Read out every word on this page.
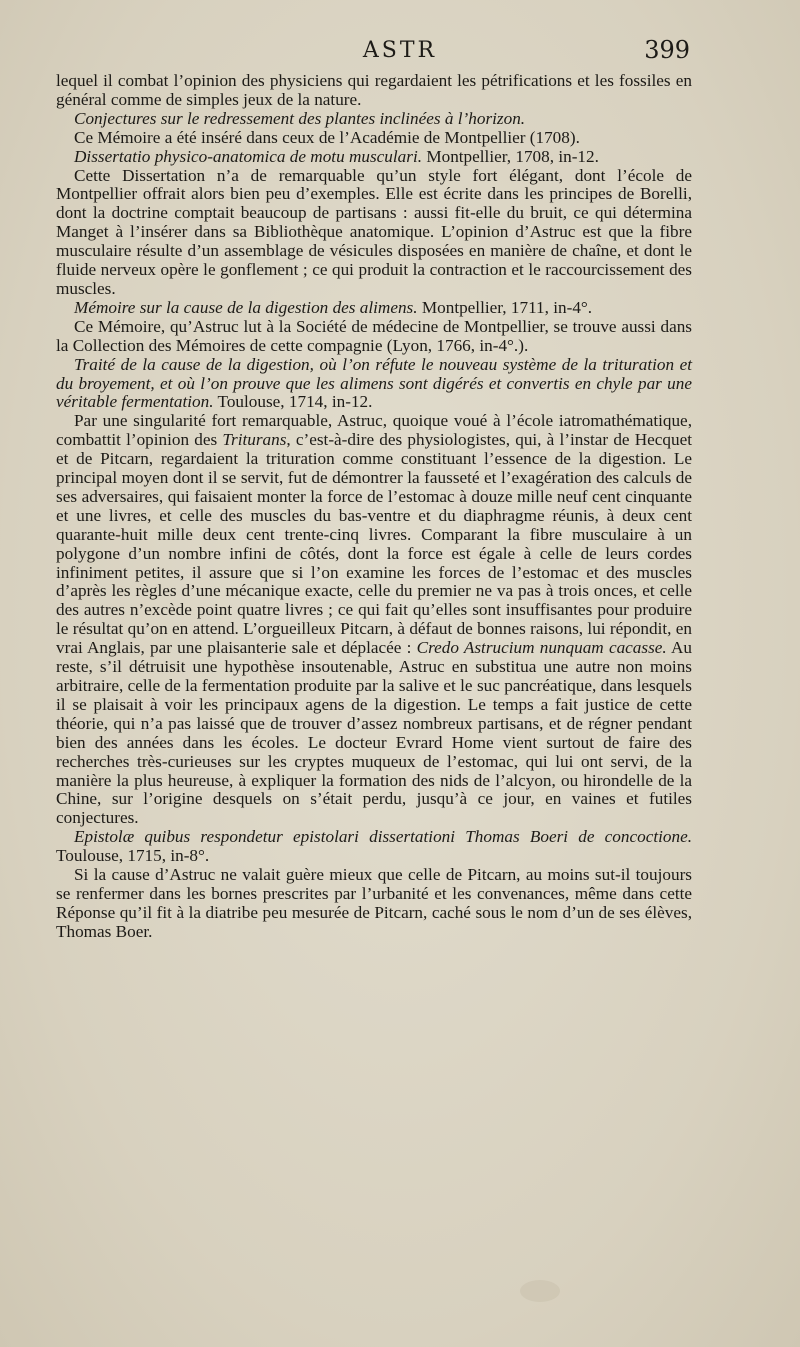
ASTR	399

lequel il combat l’opinion des physiciens qui regardaient les pétrifications et les fossiles en général comme de simples jeux de la nature.

Conjectures sur le redressement des plantes inclinées à l’horizon.

Ce Mémoire a été inséré dans ceux de l’Académie de Montpellier (1708).

Dissertatio physico-anatomica de motu musculari. Montpellier, 1708, in-12.

Cette Dissertation n’a de remarquable qu’un style fort élégant, dont l’école de Montpellier offrait alors bien peu d’exemples. Elle est écrite dans les principes de Borelli, dont la doctrine comptait beaucoup de partisans : aussi fit-elle du bruit, ce qui détermina Manget à l’insérer dans sa Bibliothèque anatomique. L’opinion d’Astruc est que la fibre musculaire résulte d’un assemblage de vésicules disposées en manière de chaîne, et dont le fluide nerveux opère le gonflement ; ce qui produit la contraction et le raccourcissement des muscles.

Mémoire sur la cause de la digestion des alimens. Montpellier, 1711, in-4°.

Ce Mémoire, qu’Astruc lut à la Société de médecine de Montpellier, se trouve aussi dans la Collection des Mémoires de cette compagnie (Lyon, 1766, in-4°.).

Traité de la cause de la digestion, où l’on réfute le nouveau système de la trituration et du broyement, et où l’on prouve que les alimens sont digérés et convertis en chyle par une véritable fermentation. Toulouse, 1714, in-12.

Par une singularité fort remarquable, Astruc, quoique voué à l’école iatromathématique, combattit l’opinion des Triturans, c’est-à-dire des physiologistes, qui, à l’instar de Hecquet et de Pitcarn, regardaient la trituration comme constituant l’essence de la digestion. Le principal moyen dont il se servit, fut de démontrer la fausseté et l’exagération des calculs de ses adversaires, qui faisaient monter la force de l’estomac à douze mille neuf cent cinquante et une livres, et celle des muscles du bas-ventre et du diaphragme réunis, à deux cent quarante-huit mille deux cent trente-cinq livres. Comparant la fibre musculaire à un polygone d’un nombre infini de côtés, dont la force est égale à celle de leurs cordes infiniment petites, il assure que si l’on examine les forces de l’estomac et des muscles d’après les règles d’une mécanique exacte, celle du premier ne va pas à trois onces, et celle des autres n’excède point quatre livres ; ce qui fait qu’elles sont insuffisantes pour produire le résultat qu’on en attend. L’orgueilleux Pitcarn, à défaut de bonnes raisons, lui répondit, en vrai Anglais, par une plaisanterie sale et déplacée : Credo Astrucium nunquam cacasse. Au reste, s’il détruisit une hypothèse insoutenable, Astruc en substitua une autre non moins arbitraire, celle de la fermentation produite par la salive et le suc pancréatique, dans lesquels il se plaisait à voir les principaux agens de la digestion. Le temps a fait justice de cette théorie, qui n’a pas laissé que de trouver d’assez nombreux partisans, et de régner pendant bien des années dans les écoles. Le docteur Evrard Home vient surtout de faire des recherches très-curieuses sur les cryptes muqueux de l’estomac, qui lui ont servi, de la manière la plus heureuse, à expliquer la formation des nids de l’alcyon, ou hirondelle de la Chine, sur l’origine desquels on s’était perdu, jusqu’à ce jour, en vaines et futiles conjectures.

Epistolæ quibus respondetur epistolari dissertationi Thomas Boeri de concoctione. Toulouse, 1715, in-8°.

Si la cause d’Astruc ne valait guère mieux que celle de Pitcarn, au moins sut-il toujours se renfermer dans les bornes prescrites par l’urbanité et les convenances, même dans cette Réponse qu’il fit à la diatribe peu mesurée de Pitcarn, caché sous le nom d’un de ses élèves, Thomas Boer.
